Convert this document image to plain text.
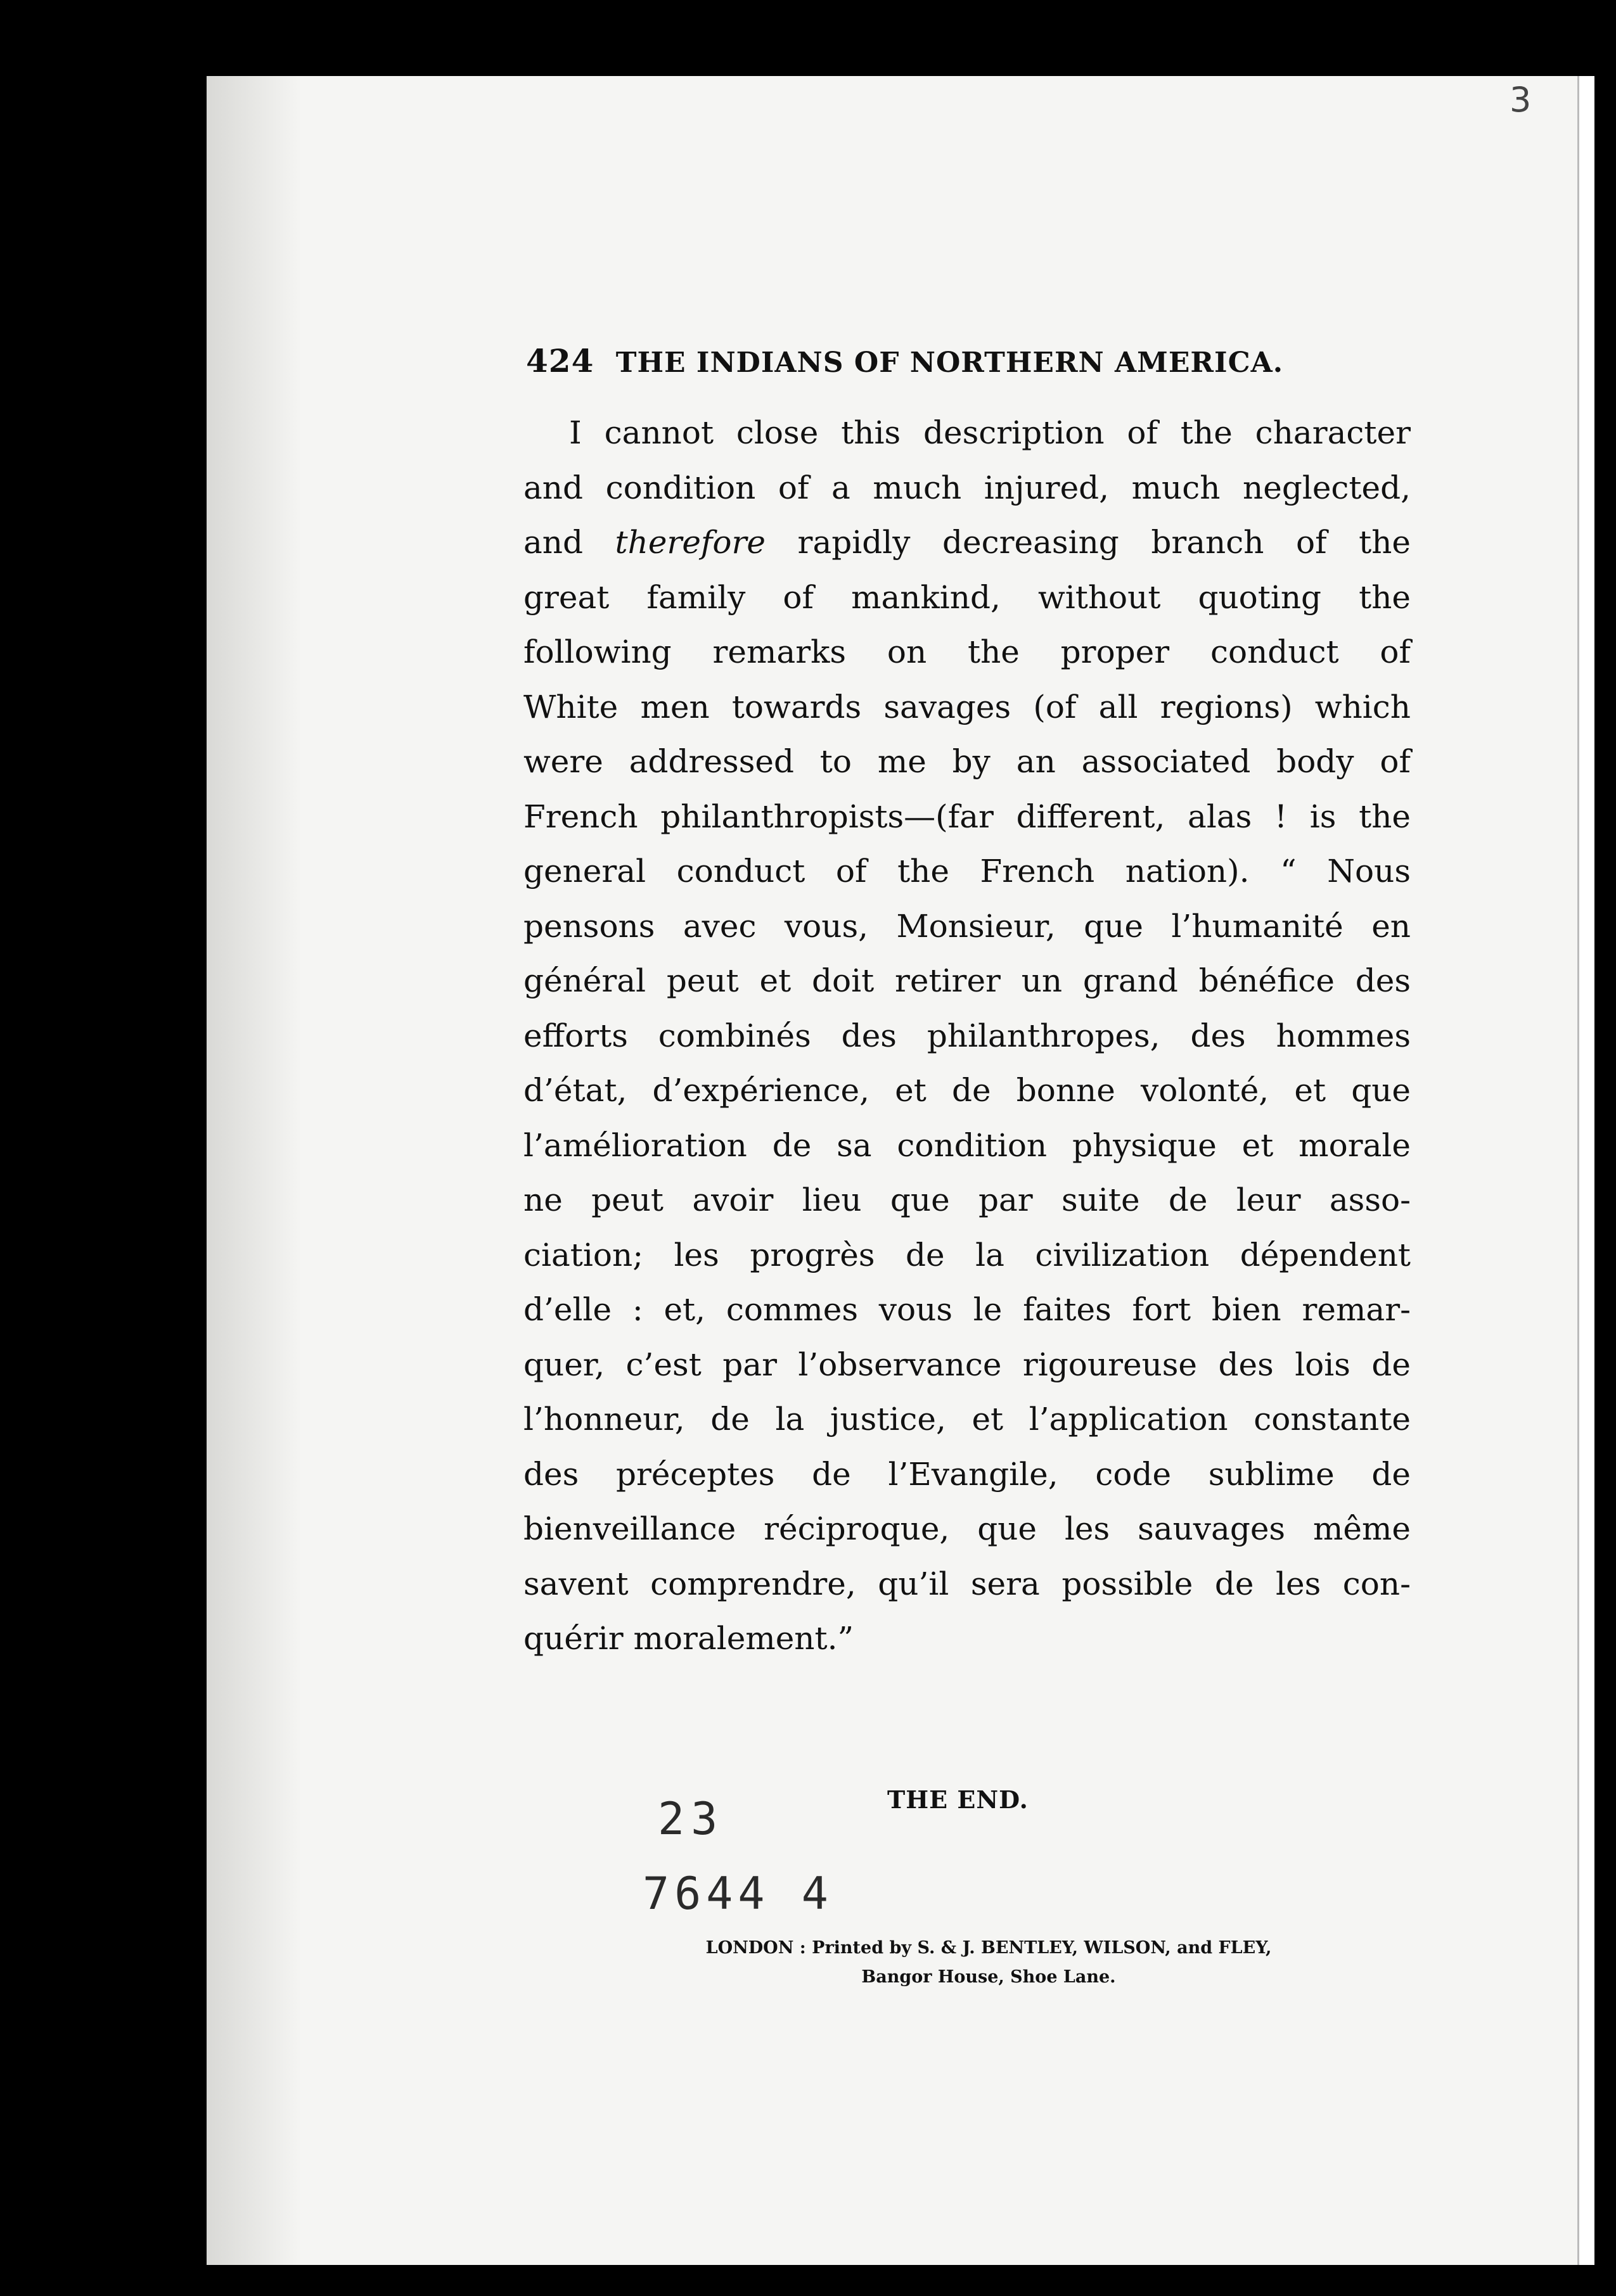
3
424 THE INDIANS OF NORTHERN AMERICA.
I cannot close this description of the character
and condition of a much injured, much neglected,
and therefore rapidly decreasing branch of the
great family of mankind, without quoting the
following remarks on the proper conduct of
White men towards savages (of all regions) which
were addressed to me by an associated body of
French philanthropists—(far different, alas ! is the
general conduct of the French nation). “ Nous
pensons avec vous, Monsieur, que l’humanité en
général peut et doit retirer un grand bénéfice des
efforts combinés des philanthropes, des hommes
d’état, d’expérience, et de bonne volonté, et que
l’amélioration de sa condition physique et morale
ne peut avoir lieu que par suite de leur asso-
ciation; les progrès de la civilization dépendent
d’elle : et, commes vous le faites fort bien remar-
quer, c’est par l’observance rigoureuse des lois de
l’honneur, de la justice, et l’application constante
des préceptes de l’Evangile, code sublime de
bienveillance réciproque, que les sauvages même
savent comprendre, qu’il sera possible de les con-
quérir moralement.”
THE END.
23
7644 4
LONDON : Printed by S. & J. BENTLEY, WILSON, and FLEY,
Bangor House, Shoe Lane.
